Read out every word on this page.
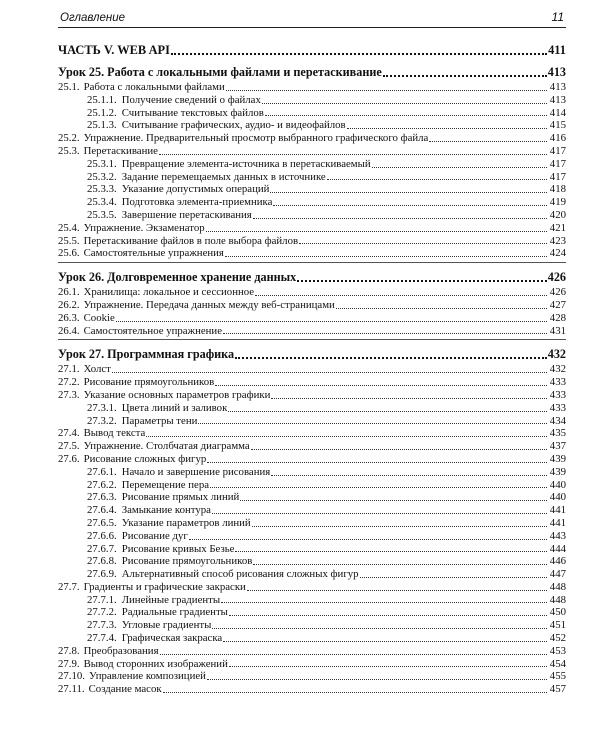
Оглавление	11
ЧАСТЬ V. WEB API	411
Урок 25. Работа с локальными файлами и перетаскивание	413
25.1. Работа с локальными файлами	413
25.1.1. Получение сведений о файлах	413
25.1.2. Считывание текстовых файлов	414
25.1.3. Считывание графических, аудио- и видеофайлов	415
25.2. Упражнение. Предварительный просмотр выбранного графического файла	416
25.3. Перетаскивание	417
25.3.1. Превращение элемента-источника в перетаскиваемый	417
25.3.2. Задание перемещаемых данных в источнике	417
25.3.3. Указание допустимых операций	418
25.3.4. Подготовка элемента-приемника	419
25.3.5. Завершение перетаскивания	420
25.4. Упражнение. Экзаменатор	421
25.5. Перетаскивание файлов в поле выбора файлов	423
25.6. Самостоятельные упражнения	424
Урок 26. Долговременное хранение данных	426
26.1. Хранилища: локальное и сессионное	426
26.2. Упражнение. Передача данных между веб-страницами	427
26.3. Cookie	428
26.4. Самостоятельное упражнение	431
Урок 27. Программная графика	432
27.1. Холст	432
27.2. Рисование прямоугольников	433
27.3. Указание основных параметров графики	433
27.3.1. Цвета линий и заливок	433
27.3.2. Параметры тени	434
27.4. Вывод текста	435
27.5. Упражнение. Столбчатая диаграмма	437
27.6. Рисование сложных фигур	439
27.6.1. Начало и завершение рисования	439
27.6.2. Перемещение пера	440
27.6.3. Рисование прямых линий	440
27.6.4. Замыкание контура	441
27.6.5. Указание параметров линий	441
27.6.6. Рисование дуг	443
27.6.7. Рисование кривых Безье	444
27.6.8. Рисование прямоугольников	446
27.6.9. Альтернативный способ рисования сложных фигур	447
27.7. Градиенты и графические закраски	448
27.7.1. Линейные градиенты	448
27.7.2. Радиальные градиенты	450
27.7.3. Угловые градиенты	451
27.7.4. Графическая закраска	452
27.8. Преобразования	453
27.9. Вывод сторонних изображений	454
27.10. Управление композицией	455
27.11. Создание масок	457
